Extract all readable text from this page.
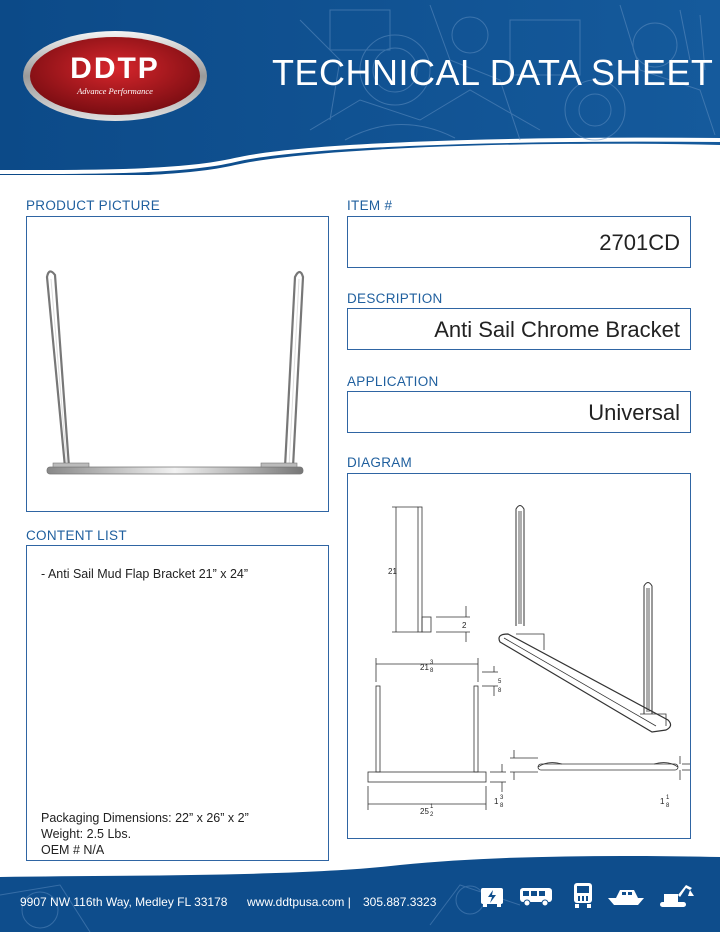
DDTP
Advance Performance	TECHNICAL DATA SHEET
PRODUCT PICTURE	ITEM #
2701CD
DESCRIPTION
Anti Sail Chrome Bracket
APPLICATION
Universal
DIAGRAM
21
2
21 3
8
5
8
25 1
2
1 3
8	1 1
8
CONTENT LIST
- Anti Sail Mud Flap Bracket 21” x 24”
Packaging Dimensions: 22” x 26” x 2”
Weight: 2.5 Lbs.
OEM # N/A
9907 NW 116th Way, Medley FL 33178 www.ddtpusa.com | 305.887.3323
